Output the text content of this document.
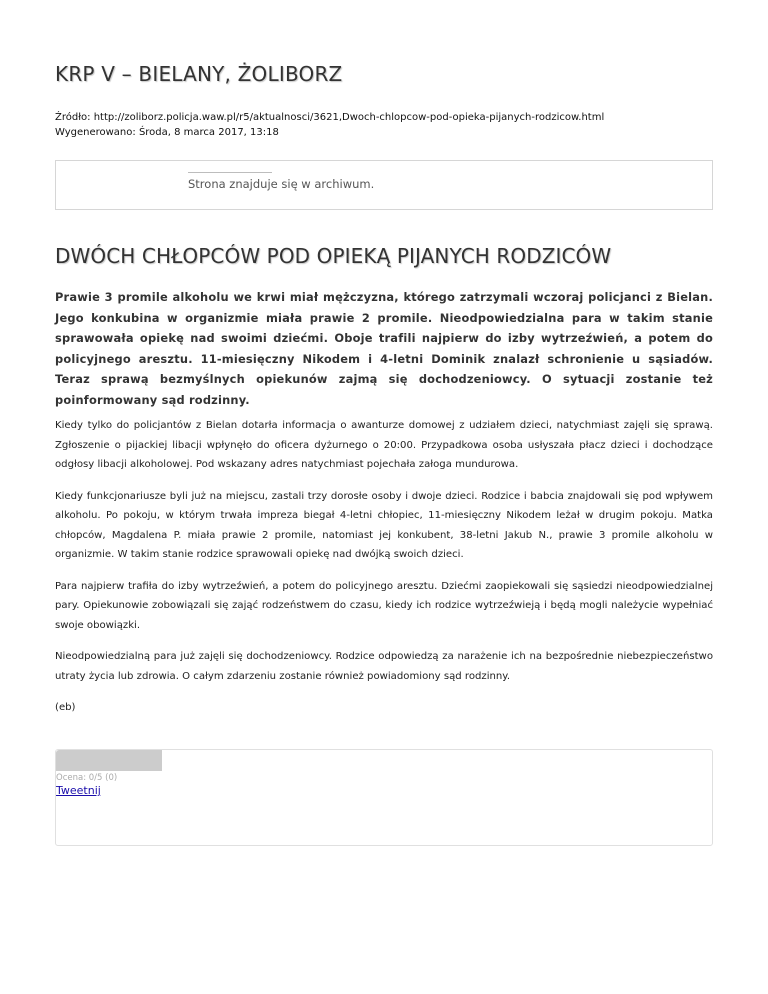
KRP V – BIELANY, ŻOLIBORZ
Źródło: http://zoliborz.policja.waw.pl/r5/aktualnosci/3621,Dwoch-chlopcow-pod-opieka-pijanych-rodzicow.html
Wygenerowano: Środa, 8 marca 2017, 13:18
Strona znajduje się w archiwum.
DWÓCH CHŁOPCÓW POD OPIEKĄ PIJANYCH RODZICÓW

Prawie 3 promile alkoholu we krwi miał mężczyzna, którego zatrzymali wczoraj policjanci z Bielan. Jego konkubina w organizmie miała prawie 2 promile. Nieodpowiedzialna para w takim stanie sprawowała opiekę nad swoimi dziećmi. Oboje trafili najpierw do izby wytrzeźwień, a potem do policyjnego aresztu. 11-miesięczny Nikodem i 4-letni Dominik znalazł schronienie u sąsiadów. Teraz sprawą bezmyślnych opiekunów zajmą się dochodzeniowcy. O sytuacji zostanie też poinformowany sąd rodzinny.

Kiedy tylko do policjantów z Bielan dotarła informacja o awanturze domowej z udziałem dzieci, natychmiast zajęli się sprawą. Zgłoszenie o pijackiej libacji wpłynęło do oficera dyżurnego o 20:00. Przypadkowa osoba usłyszała płacz dzieci i dochodzące odgłosy libacji alkoholowej. Pod wskazany adres natychmiast pojechała załoga mundurowa.

Kiedy funkcjonariusze byli już na miejscu, zastali trzy dorosłe osoby i dwoje dzieci. Rodzice i babcia znajdowali się pod wpływem alkoholu. Po pokoju, w którym trwała impreza biegał 4-letni chłopiec, 11-miesięczny Nikodem leżał w drugim pokoju. Matka chłopców, Magdalena P. miała prawie 2 promile, natomiast jej konkubent, 38-letni Jakub N., prawie 3 promile alkoholu w organizmie. W takim stanie rodzice sprawowali opiekę nad dwójką swoich dzieci.

Para najpierw trafiła do izby wytrzeźwień, a potem do policyjnego aresztu. Dziećmi zaopiekowali się sąsiedzi nieodpowiedzialnej pary. Opiekunowie zobowiązali się zająć rodzeństwem do czasu, kiedy ich rodzice wytrzeźwieją i będą mogli należycie wypełniać swoje obowiązki.

Nieodpowiedzialną para już zajęli się dochodzeniowcy. Rodzice odpowiedzą za narażenie ich na bezpośrednie niebezpieczeństwo utraty życia lub zdrowia. O całym zdarzeniu zostanie również powiadomiony sąd rodzinny.

(eb)

Ocena: 0/5 (0)
Tweetnij
